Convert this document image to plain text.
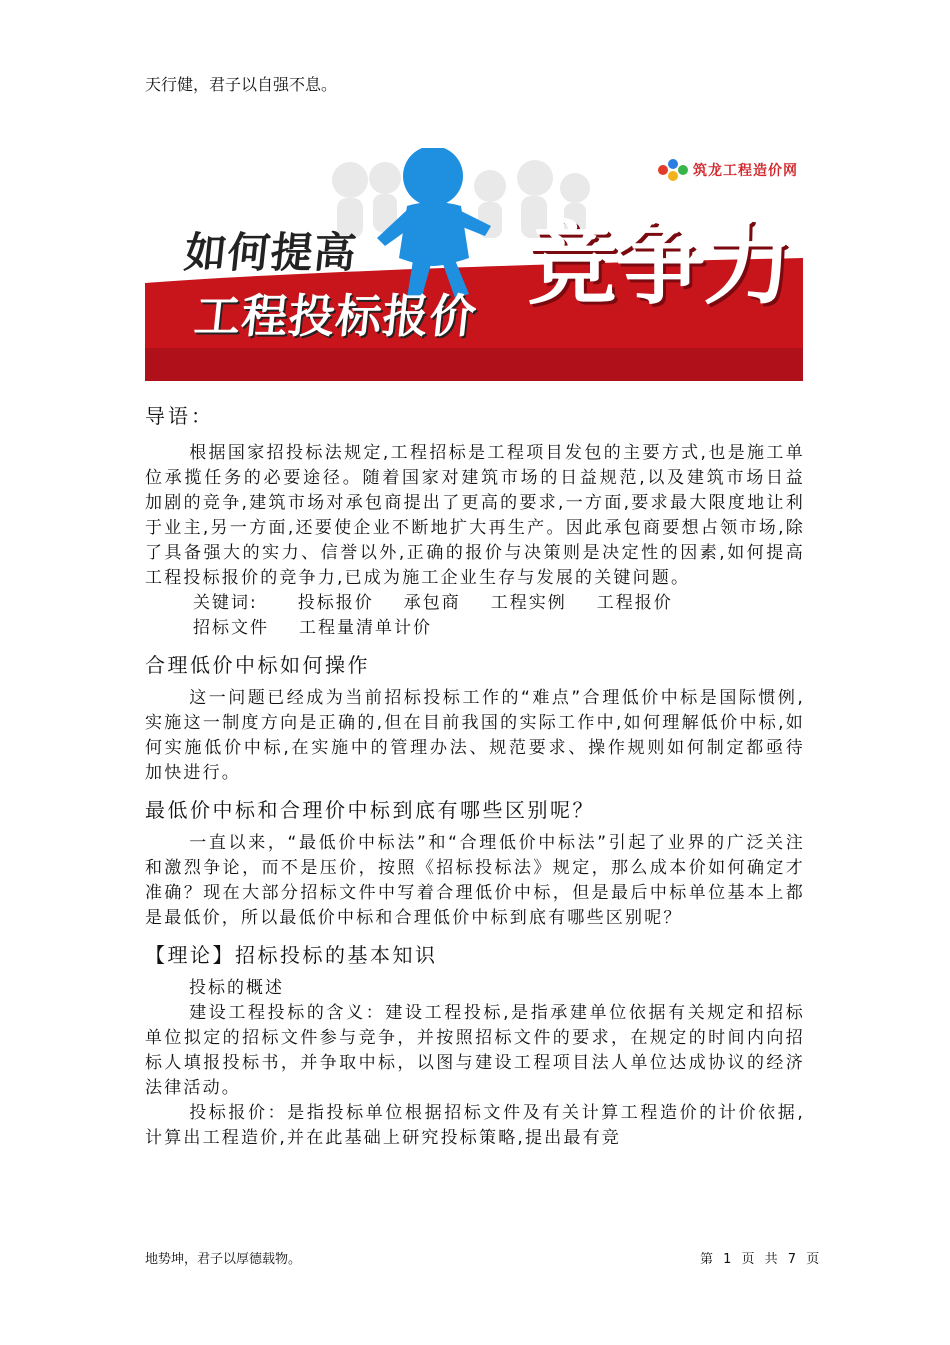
天行健，君子以自强不息。
筑龙工程造价网
如何提高
工程投标报价 竞争力
导语：

根据国家招投标法规定,工程招标是工程项目发包的主要方式,也是施工单位承揽任务的必要途径。随着国家对建筑市场的日益规范,以及建筑市场日益加剧的竞争,建筑市场对承包商提出了更高的要求,一方面,要求最大限度地让利于业主,另一方面,还要使企业不断地扩大再生产。因此承包商要想占领市场,除了具备强大的实力、信誉以外,正确的报价与决策则是决定性的因素,如何提高工程投标报价的竞争力,已成为施工企业生存与发展的关键问题。

关键词: 投标报价 承包商 工程实例 工程报价招标文件 工程量清单计价

合理低价中标如何操作

这一问题已经成为当前招标投标工作的“难点”合理低价中标是国际惯例,实施这一制度方向是正确的,但在目前我国的实际工作中,如何理解低价中标,如何实施低价中标,在实施中的管理办法、规范要求、操作规则如何制定都亟待加快进行。

最低价中标和合理价中标到底有哪些区别呢？

一直以来，“最低价中标法”和“合理低价中标法”引起了业界的广泛关注和激烈争论，而不是压价，按照《招标投标法》规定，那么成本价如何确定才准确？现在大部分招标文件中写着合理低价中标，但是最后中标单位基本上都是最低价，所以最低价中标和合理低价中标到底有哪些区别呢？

【理论】招标投标的基本知识

投标的概述

建设工程投标的含义：建设工程投标,是指承建单位依据有关规定和招标单位拟定的招标文件参与竞争，并按照招标文件的要求，在规定的时间内向招标人填报投标书，并争取中标，以图与建设工程项目法人单位达成协议的经济法律活动。

投标报价：是指投标单位根据招标文件及有关计算工程造价的计价依据,计算出工程造价,并在此基础上研究投标策略,提出最有竞

地势坤，君子以厚德载物。	第 1 页 共 7 页
